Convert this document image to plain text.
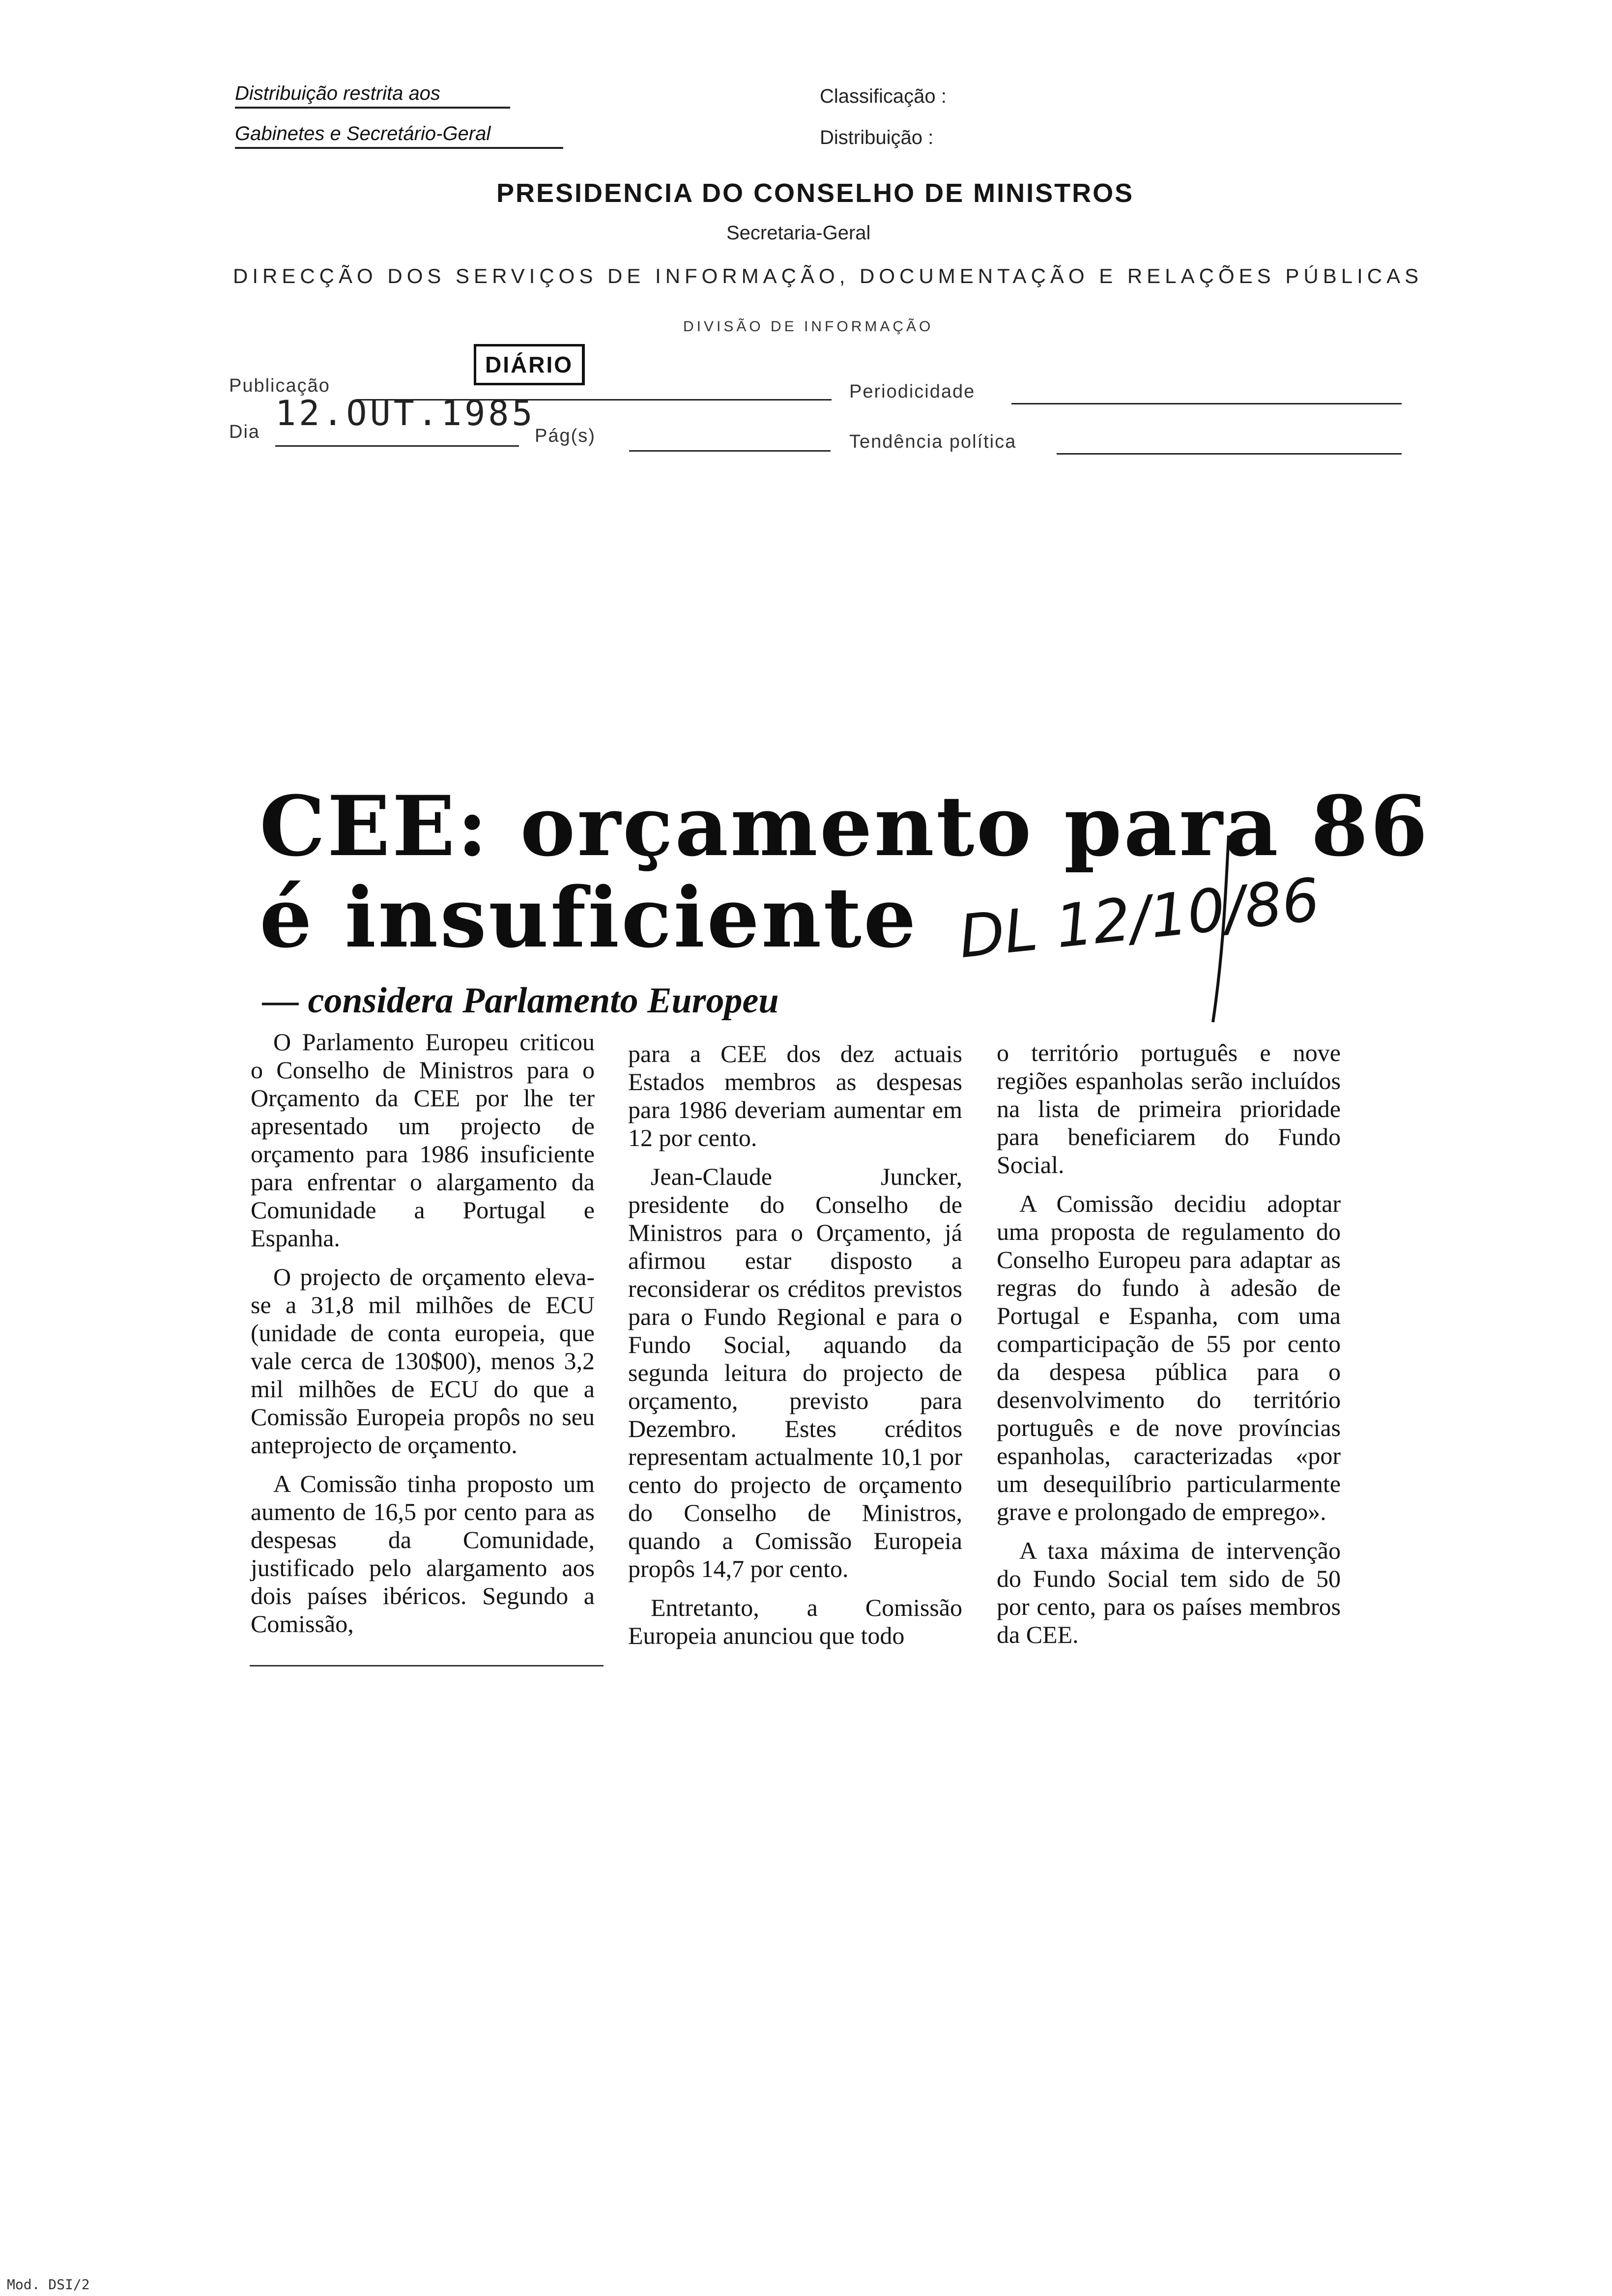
Distribuição restrita aos
Gabinetes e Secretário-Geral
Classificação :
Distribuição :
PRESIDENCIA DO CONSELHO DE MINISTROS
Secretaria-Geral
DIRECÇÃO DOS SERVIÇOS DE INFORMAÇÃO, DOCUMENTAÇÃO E RELAÇÕES PÚBLICAS
DIVISÃO DE INFORMAÇÃO
Publicação
DIÁRIO
Periodicidade
Dia 12.OUT.1985
Pág(s)	Tendência política
CEE: orçamento para 86
é insuficiente DL 12/10/86
— considera Parlamento Europeu

O Parlamento Europeu criticou o Conselho de Ministros para o Orçamento da CEE por lhe ter apresentado um projecto de orçamento para 1986 insuficiente para enfrentar o alargamento da Comunidade a Portugal e Espanha.

O projecto de orçamento eleva-se a 31,8 mil milhões de ECU (unidade de conta europeia, que vale cerca de 130$00), menos 3,2 mil milhões de ECU do que a Comissão Europeia propôs no seu anteprojecto de orçamento.

A Comissão tinha proposto um aumento de 16,5 por cento para as despesas da Comunidade, justificado pelo alargamento aos dois países ibéricos. Segundo a Comissão,

para a CEE dos dez actuais Estados membros as despesas para 1986 deveriam aumentar em 12 por cento.

Jean-Claude Juncker, presidente do Conselho de Ministros para o Orçamento, já afirmou estar disposto a reconsiderar os créditos previstos para o Fundo Regional e para o Fundo Social, aquando da segunda leitura do projecto de orçamento, previsto para Dezembro. Estes créditos representam actualmente 10,1 por cento do projecto de orçamento do Conselho de Ministros, quando a Comissão Europeia propôs 14,7 por cento.

Entretanto, a Comissão Europeia anunciou que todo

o território português e nove regiões espanholas serão incluídos na lista de primeira prioridade para beneficiarem do Fundo Social.

A Comissão decidiu adoptar uma proposta de regulamento do Conselho Europeu para adaptar as regras do fundo à adesão de Portugal e Espanha, com uma comparticipação de 55 por cento da despesa pública para o desenvolvimento do território português e de nove províncias espanholas, caracterizadas «por um desequilíbrio particularmente grave e prolongado de emprego».

A taxa máxima de intervenção do Fundo Social tem sido de 50 por cento, para os países membros da CEE.

Mod. DSI/2
